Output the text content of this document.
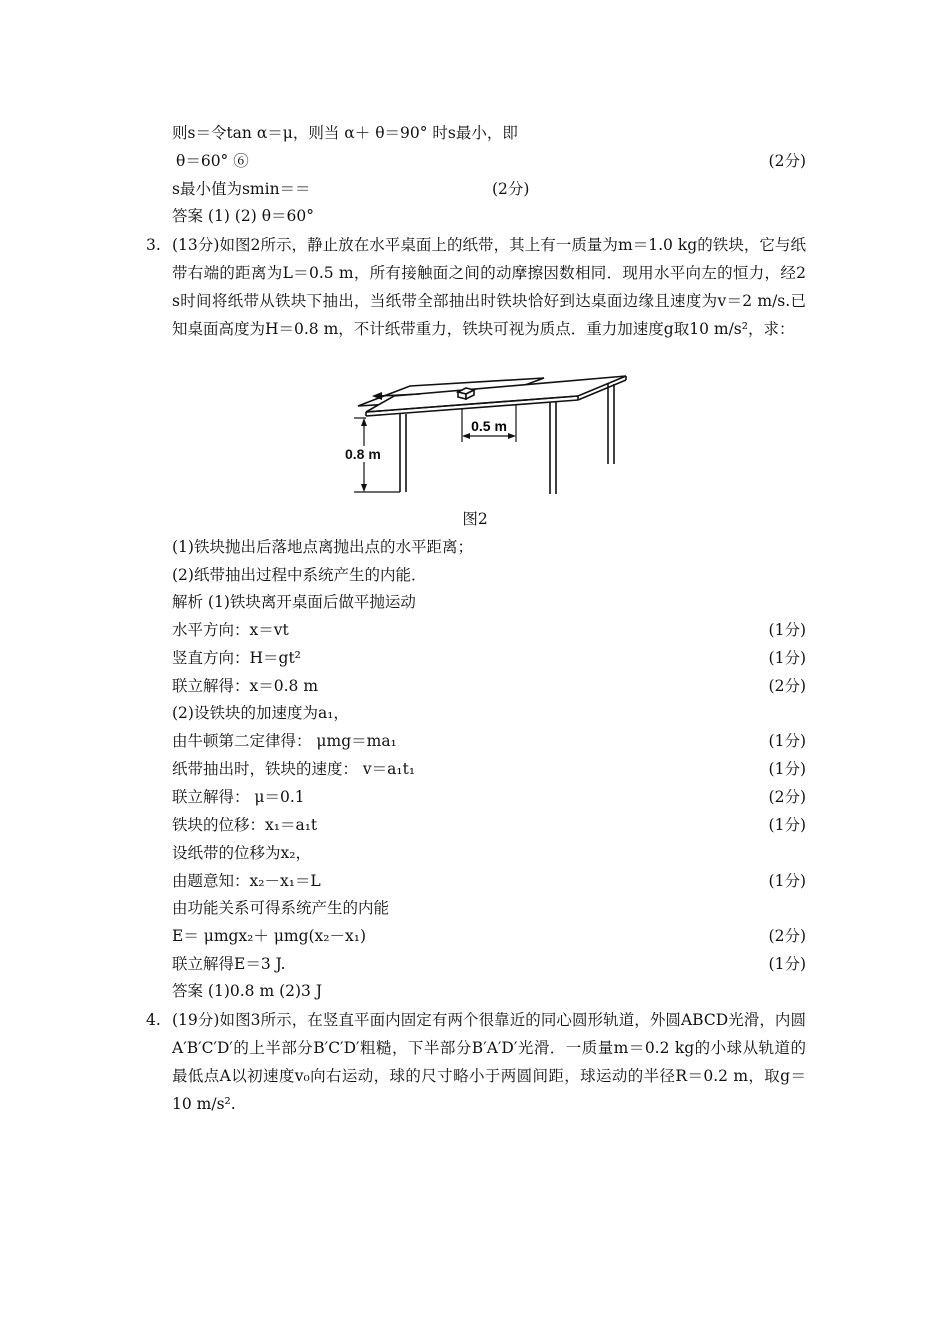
则s＝令tan α＝μ，则当 α＋ θ＝90° 时s最小，即
θ＝60° ⑥	(2分)
s最小值为smin＝＝	(2分)
答案 (1) (2) θ＝60°
3. (13分)如图2所示，静止放在水平桌面上的纸带，其上有一质量为m＝1.0 kg的铁块，它与纸带右端的距离为L＝0.5 m，所有接触面之间的动摩擦因数相同．现用水平向左的恒力，经2 s时间将纸带从铁块下抽出，当纸带全部抽出时铁块恰好到达桌面边缘且速度为v＝2 m/s.已知桌面高度为H＝0.8 m，不计纸带重力，铁块可视为质点．重力加速度g取10 m/s²，求：
0.5 m
0.8 m
图2
(1)铁块抛出后落地点离抛出点的水平距离；
(2)纸带抽出过程中系统产生的内能．
解析 (1)铁块离开桌面后做平抛运动
水平方向：x＝vt	(1分)
竖直方向：H＝gt²	(1分)
联立解得：x＝0.8 m	(2分)
(2)设铁块的加速度为a₁，
由牛顿第二定律得： μmg＝ma₁	(1分)
纸带抽出时，铁块的速度： v＝a₁t₁	(1分)
联立解得： μ＝0.1	(2分)
铁块的位移：x₁＝a₁t	(1分)
设纸带的位移为x₂，
由题意知：x₂－x₁＝L	(1分)
由功能关系可得系统产生的内能
E＝ μmgx₂＋ μmg(x₂－x₁)	(2分)
联立解得E＝3 J.	(1分)
答案 (1)0.8 m (2)3 J
4. (19分)如图3所示，在竖直平面内固定有两个很靠近的同心圆形轨道，外圆ABCD光滑，内圆A′B′C′D′的上半部分B′C′D′粗糙，下半部分B′A′D′光滑．一质量m＝0.2 kg的小球从轨道的最低点A以初速度v₀向右运动，球的尺寸略小于两圆间距，球运动的半径R＝0.2 m，取g＝10 m/s².
